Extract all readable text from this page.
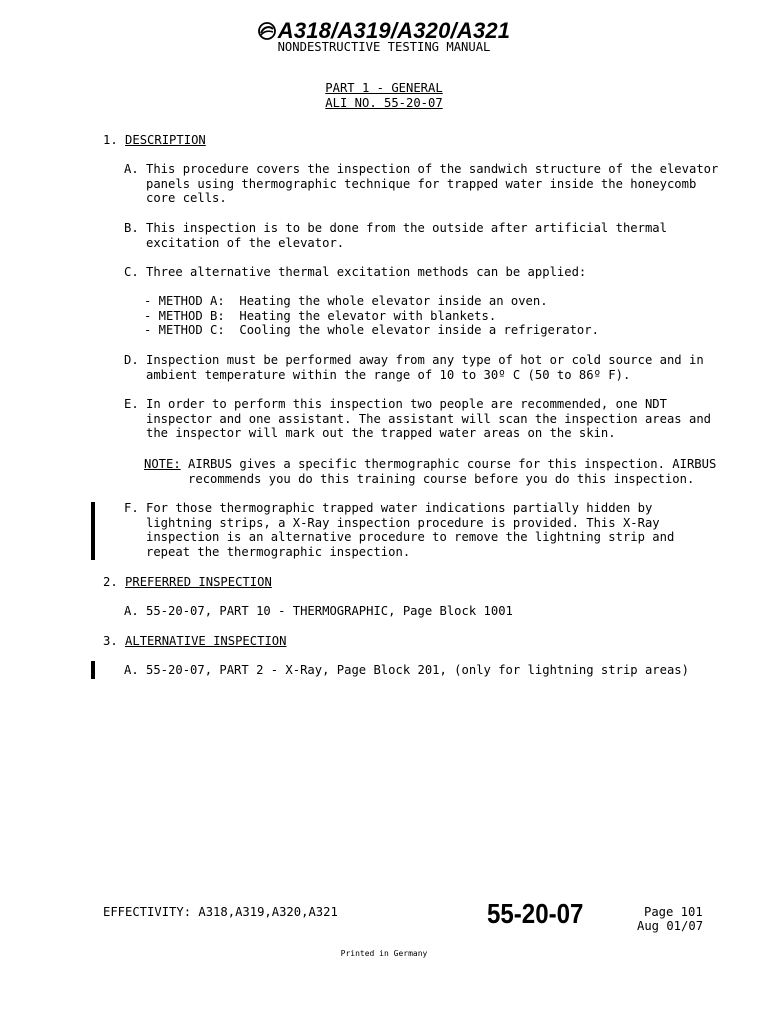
A318/A319/A320/A321
NONDESTRUCTIVE TESTING MANUAL
PART 1 - GENERAL
ALI NO. 55-20-07
1. DESCRIPTION
A. This procedure covers the inspection of the sandwich structure of the elevator
panels using thermographic technique for trapped water inside the honeycomb
core cells.
B. This inspection is to be done from the outside after artificial thermal
excitation of the elevator.
C. Three alternative thermal excitation methods can be applied:
- METHOD A:  Heating the whole elevator inside an oven.
- METHOD B:  Heating the elevator with blankets.
- METHOD C:  Cooling the whole elevator inside a refrigerator.
D. Inspection must be performed away from any type of hot or cold source and in
ambient temperature within the range of 10 to 30º C (50 to 86º F).
E. In order to perform this inspection two people are recommended, one NDT
inspector and one assistant. The assistant will scan the inspection areas and
the inspector will mark out the trapped water areas on the skin.
NOTE: AIRBUS gives a specific thermographic course for this inspection. AIRBUS
recommends you do this training course before you do this inspection.
F. For those thermographic trapped water indications partially hidden by
lightning strips, a X-Ray inspection procedure is provided. This X-Ray
inspection is an alternative procedure to remove the lightning strip and
repeat the thermographic inspection.
2. PREFERRED INSPECTION
A. 55-20-07, PART 10 - THERMOGRAPHIC, Page Block 1001
3. ALTERNATIVE INSPECTION
A. 55-20-07, PART 2 - X-Ray, Page Block 201, (only for lightning strip areas)
EFFECTIVITY: A318,A319,A320,A321	55-20-07	Page 101
Aug 01/07
Printed in Germany
